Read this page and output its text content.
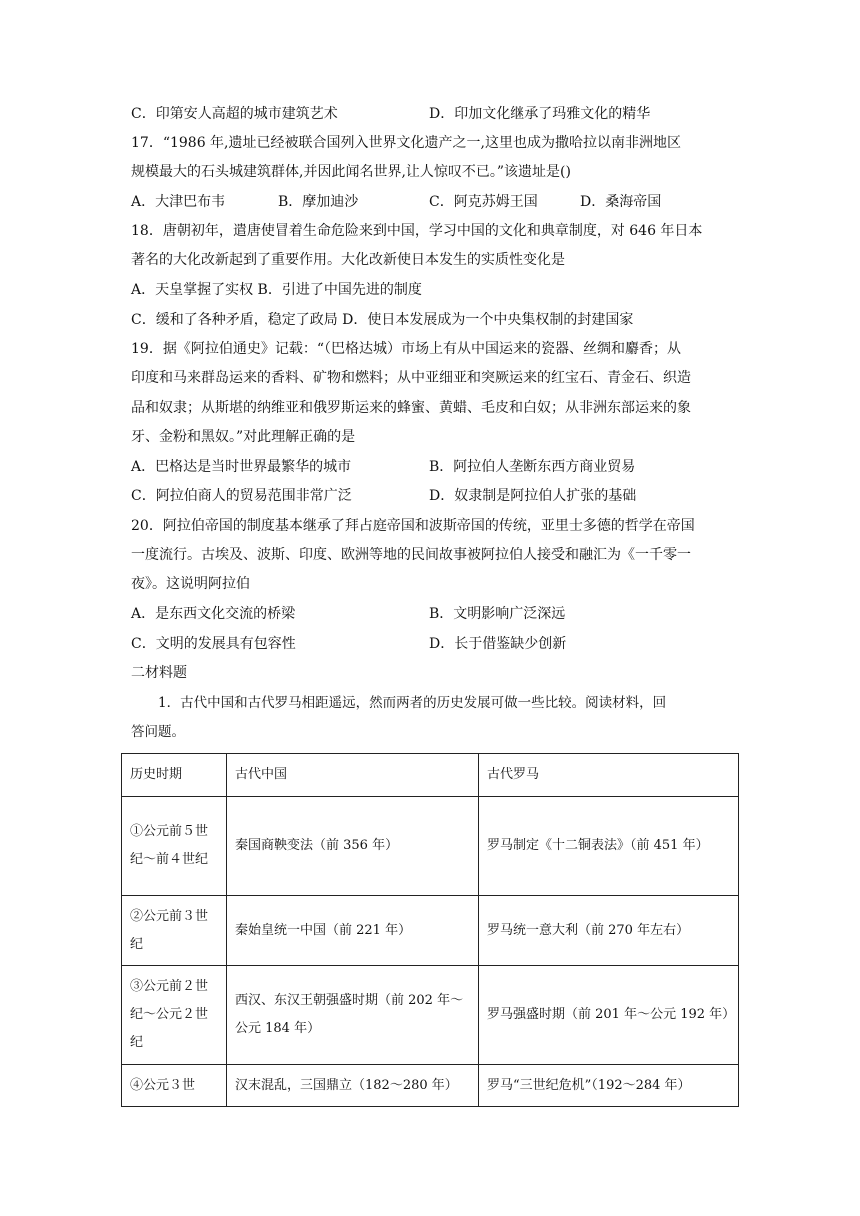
C．印第安人高超的城市建筑艺术	D．印加文化继承了玛雅文化的精华
17．“1986 年,遗址已经被联合国列入世界文化遗产之一,这里也成为撒哈拉以南非洲地区
规模最大的石头城建筑群体,并因此闻名世界,让人惊叹不已。”该遗址是()
A．大津巴布韦	B．摩加迪沙	C．阿克苏姆王国	D．桑海帝国
18．唐朝初年，遣唐使冒着生命危险来到中国，学习中国的文化和典章制度，对 646 年日本
著名的大化改新起到了重要作用。大化改新使日本发生的实质性变化是
A．天皇掌握了实权 B．引进了中国先进的制度
C．缓和了各种矛盾，稳定了政局 D．使日本发展成为一个中央集权制的封建国家
19．据《阿拉伯通史》记载：“（巴格达城）市场上有从中国运来的瓷器、丝绸和麝香；从
印度和马来群岛运来的香料、矿物和燃料；从中亚细亚和突厥运来的红宝石、青金石、织造
品和奴隶；从斯堪的纳维亚和俄罗斯运来的蜂蜜、黄蜡、毛皮和白奴；从非洲东部运来的象
牙、金粉和黑奴。”对此理解正确的是
A．巴格达是当时世界最繁华的城市	B．阿拉伯人垄断东西方商业贸易
C．阿拉伯商人的贸易范围非常广泛	D．奴隶制是阿拉伯人扩张的基础
20．阿拉伯帝国的制度基本继承了拜占庭帝国和波斯帝国的传统，亚里士多德的哲学在帝国
一度流行。古埃及、波斯、印度、欧洲等地的民间故事被阿拉伯人接受和融汇为《一千零一
夜》。这说明阿拉伯
A．是东西文化交流的桥梁	B．文明影响广泛深远
C．文明的发展具有包容性	D．长于借鉴缺少创新
二材料题
1．古代中国和古代罗马相距遥远，然而两者的历史发展可做一些比较。阅读材料，回
答问题。
历史时期	古代中国	古代罗马
①公元前５世纪～前４世纪	秦国商鞅变法（前 356 年）	罗马制定《十二铜表法》（前 451 年）
②公元前３世纪	秦始皇统一中国（前 221 年）	罗马统一意大利（前 270 年左右）
③公元前２世纪～公元２世纪	西汉、东汉王朝强盛时期（前 202 年～公元 184 年）	罗马强盛时期（前 201 年～公元 192 年）
④公元３世	汉末混乱，三国鼎立（182～280 年）	罗马“三世纪危机”（192～284 年）
